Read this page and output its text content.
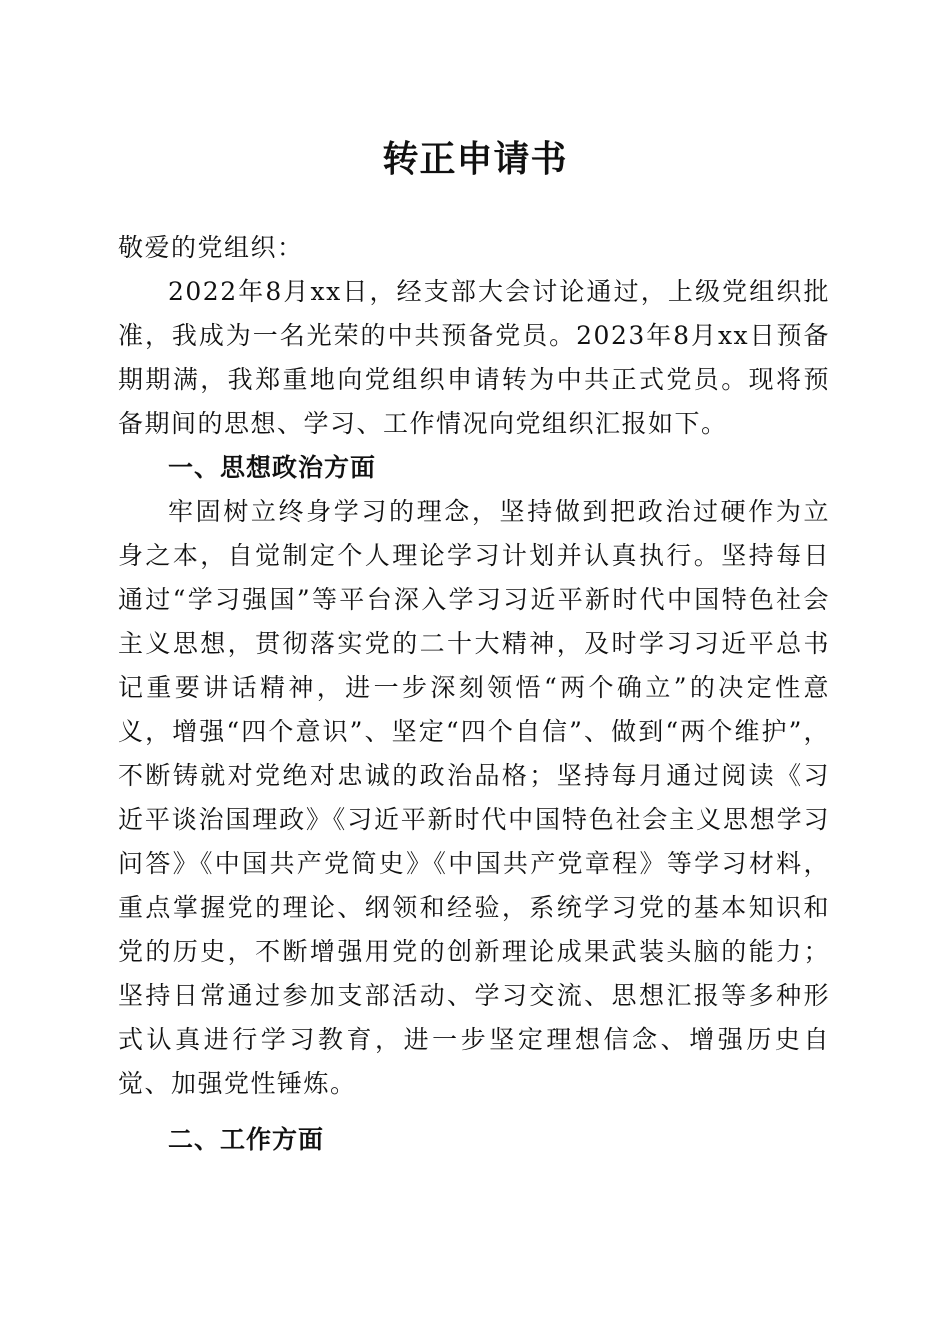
转正申请书

敬爱的党组织：

2022年8月xx日，经支部大会讨论通过，上级党组织批准，我成为一名光荣的中共预备党员。2023年8月xx日预备期期满，我郑重地向党组织申请转为中共正式党员。现将预备期间的思想、学习、工作情况向党组织汇报如下。

一、思想政治方面

牢固树立终身学习的理念，坚持做到把政治过硬作为立身之本，自觉制定个人理论学习计划并认真执行。坚持每日通过“学习强国”等平台深入学习习近平新时代中国特色社会主义思想，贯彻落实党的二十大精神，及时学习习近平总书记重要讲话精神，进一步深刻领悟“两个确立”的决定性意义，增强“四个意识”、坚定“四个自信”、做到“两个维护”，不断铸就对党绝对忠诚的政治品格；坚持每月通过阅读《习近平谈治国理政》《习近平新时代中国特色社会主义思想学习问答》《中国共产党简史》《中国共产党章程》等学习材料，重点掌握党的理论、纲领和经验，系统学习党的基本知识和党的历史，不断增强用党的创新理论成果武装头脑的能力；坚持日常通过参加支部活动、学习交流、思想汇报等多种形式认真进行学习教育，进一步坚定理想信念、增强历史自觉、加强党性锤炼。

二、工作方面
